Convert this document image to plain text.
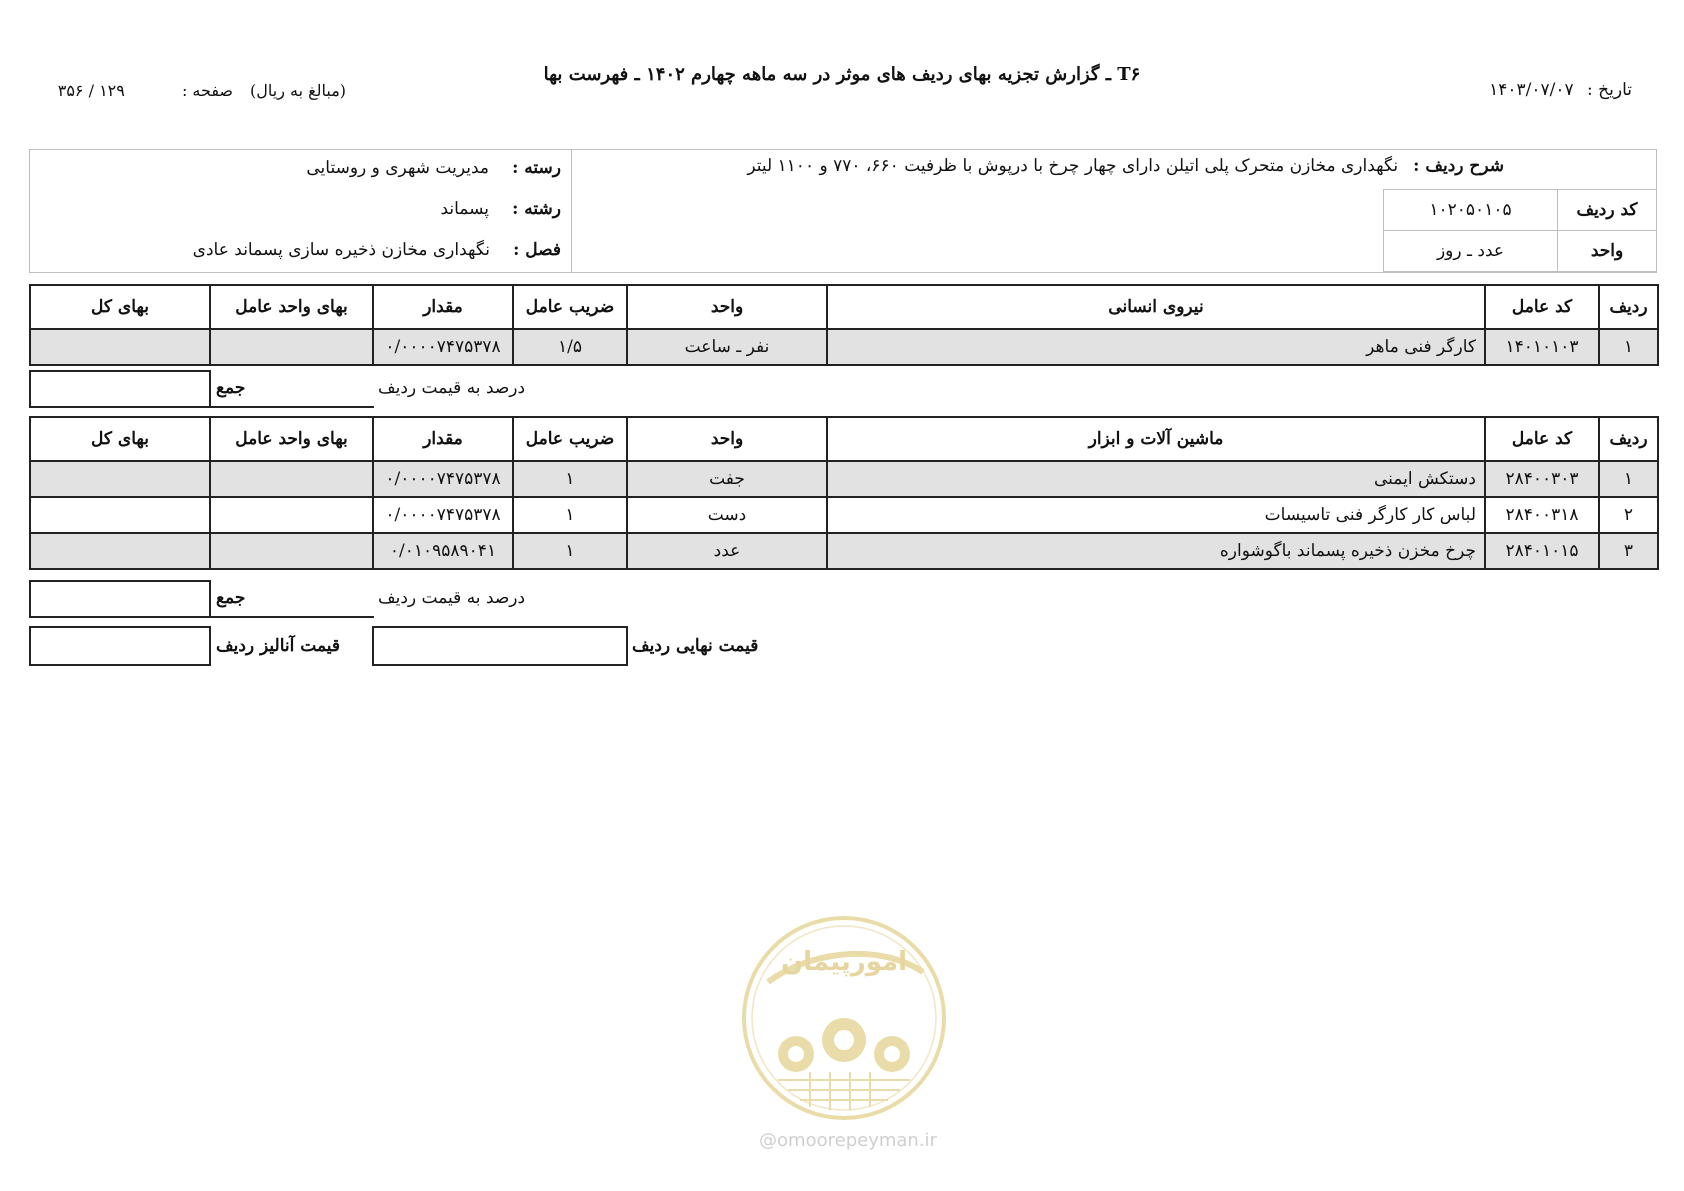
T۶ ـ گزارش تجزیه بهای ردیف های موثر در سه ماهه چهارم ۱۴۰۲ ـ فهرست بها
تاریخ : ۱۴۰۳/۰۷/۰۷
(مبالغ به ریال)
صفحه : ۱۲۹ / ۳۵۶
شرح ردیف : نگهداری مخازن متحرک پلی اتیلن دارای چهار چرخ با درپوش با ظرفیت ۶۶۰، ۷۷۰ و ۱۱۰۰ لیتر
کد ردیف	۱۰۲۰۵۰۱۰۵
واحد	عدد ـ روز
رسته : مدیریت شهری و روستایی
رشته : پسماند
فصل : نگهداری مخازن ذخیره سازی پسماند عادی
ردیف	کد عامل	نیروی انسانی	واحد	ضریب عامل	مقدار	بهای واحد عامل	بهای کل
۱	۱۴۰۱۰۱۰۳	کارگر فنی ماهر	نفر ـ ساعت	۱/۵	۰/۰۰۰۰۷۴۷۵۳۷۸		
جمع	درصد به قیمت ردیف
ردیف	کد عامل	ماشین آلات و ابزار	واحد	ضریب عامل	مقدار	بهای واحد عامل	بهای کل
۱	۲۸۴۰۰۳۰۳	دستکش ایمنی	جفت	۱	۰/۰۰۰۰۷۴۷۵۳۷۸		
۲	۲۸۴۰۰۳۱۸	لباس کار کارگر فنی تاسیسات	دست	۱	۰/۰۰۰۰۷۴۷۵۳۷۸		
۳	۲۸۴۰۱۰۱۵	چرخ مخزن ذخیره پسماند باگوشواره	عدد	۱	۰/۰۱۰۹۵۸۹۰۴۱		
جمع	درصد به قیمت ردیف
قیمت آنالیز ردیف	قیمت نهایی ردیف
امورپیمان
@omoorepeyman.ir
